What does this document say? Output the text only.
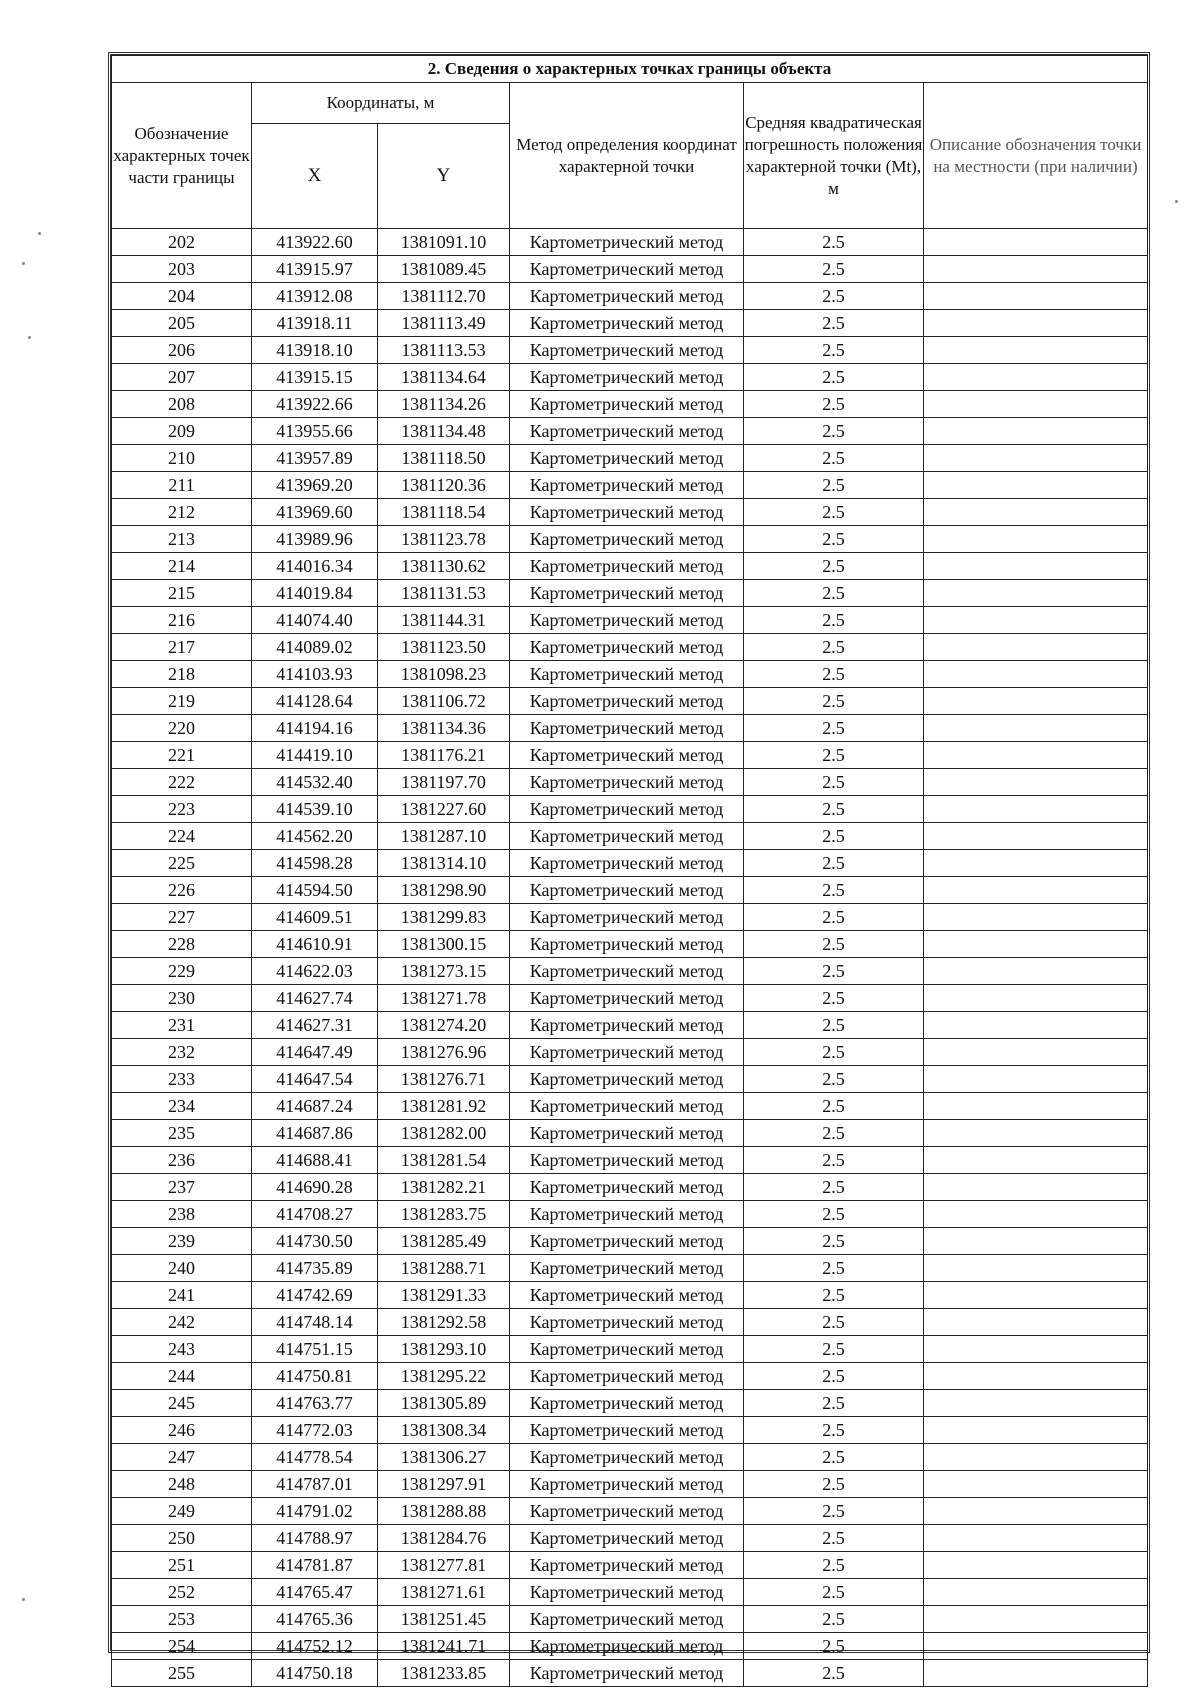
2. Сведения о характерных точках границы объекта					
Обозначение характерных точек части границы	Координаты, м		Метод определения координат характерной точки	Средняя квадратическая погрешность положения характерной точки (Mt), м	Описание обозначения точки на местности (при наличии)
	X	Y			
202	413922.60	1381091.10	Картометрический метод	2.5	
203	413915.97	1381089.45	Картометрический метод	2.5	
204	413912.08	1381112.70	Картометрический метод	2.5	
205	413918.11	1381113.49	Картометрический метод	2.5	
206	413918.10	1381113.53	Картометрический метод	2.5	
207	413915.15	1381134.64	Картометрический метод	2.5	
208	413922.66	1381134.26	Картометрический метод	2.5	
209	413955.66	1381134.48	Картометрический метод	2.5	
210	413957.89	1381118.50	Картометрический метод	2.5	
211	413969.20	1381120.36	Картометрический метод	2.5	
212	413969.60	1381118.54	Картометрический метод	2.5	
213	413989.96	1381123.78	Картометрический метод	2.5	
214	414016.34	1381130.62	Картометрический метод	2.5	
215	414019.84	1381131.53	Картометрический метод	2.5	
216	414074.40	1381144.31	Картометрический метод	2.5	
217	414089.02	1381123.50	Картометрический метод	2.5	
218	414103.93	1381098.23	Картометрический метод	2.5	
219	414128.64	1381106.72	Картометрический метод	2.5	
220	414194.16	1381134.36	Картометрический метод	2.5	
221	414419.10	1381176.21	Картометрический метод	2.5	
222	414532.40	1381197.70	Картометрический метод	2.5	
223	414539.10	1381227.60	Картометрический метод	2.5	
224	414562.20	1381287.10	Картометрический метод	2.5	
225	414598.28	1381314.10	Картометрический метод	2.5	
226	414594.50	1381298.90	Картометрический метод	2.5	
227	414609.51	1381299.83	Картометрический метод	2.5	
228	414610.91	1381300.15	Картометрический метод	2.5	
229	414622.03	1381273.15	Картометрический метод	2.5	
230	414627.74	1381271.78	Картометрический метод	2.5	
231	414627.31	1381274.20	Картометрический метод	2.5	
232	414647.49	1381276.96	Картометрический метод	2.5	
233	414647.54	1381276.71	Картометрический метод	2.5	
234	414687.24	1381281.92	Картометрический метод	2.5	
235	414687.86	1381282.00	Картометрический метод	2.5	
236	414688.41	1381281.54	Картометрический метод	2.5	
237	414690.28	1381282.21	Картометрический метод	2.5	
238	414708.27	1381283.75	Картометрический метод	2.5	
239	414730.50	1381285.49	Картометрический метод	2.5	
240	414735.89	1381288.71	Картометрический метод	2.5	
241	414742.69	1381291.33	Картометрический метод	2.5	
242	414748.14	1381292.58	Картометрический метод	2.5	
243	414751.15	1381293.10	Картометрический метод	2.5	
244	414750.81	1381295.22	Картометрический метод	2.5	
245	414763.77	1381305.89	Картометрический метод	2.5	
246	414772.03	1381308.34	Картометрический метод	2.5	
247	414778.54	1381306.27	Картометрический метод	2.5	
248	414787.01	1381297.91	Картометрический метод	2.5	
249	414791.02	1381288.88	Картометрический метод	2.5	
250	414788.97	1381284.76	Картометрический метод	2.5	
251	414781.87	1381277.81	Картометрический метод	2.5	
252	414765.47	1381271.61	Картометрический метод	2.5	
253	414765.36	1381251.45	Картометрический метод	2.5	
254	414752.12	1381241.71	Картометрический метод	2.5	
255	414750.18	1381233.85	Картометрический метод	2.5	
